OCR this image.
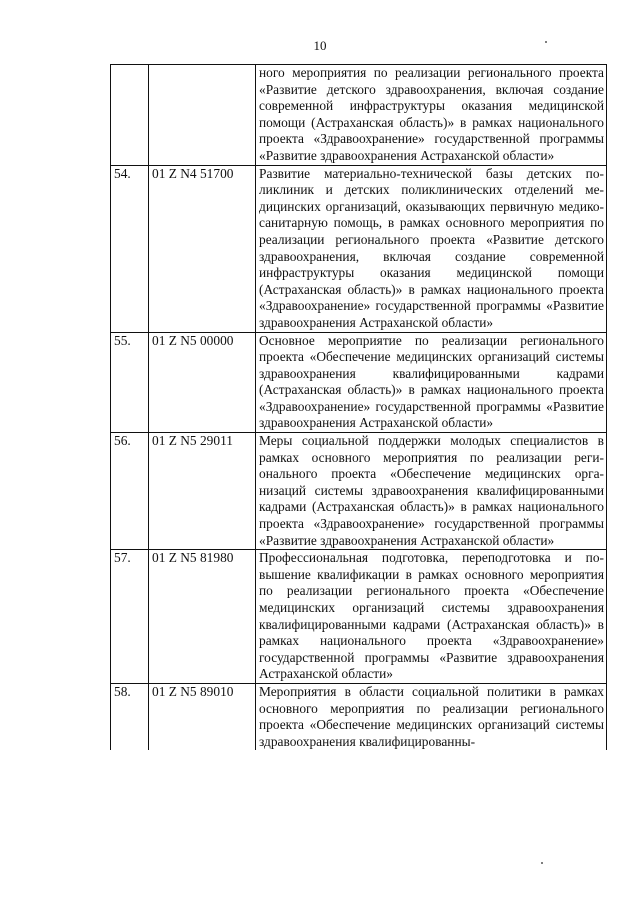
10
		ного мероприятия по реализации регионального проекта «Развитие детского здравоохранения, включая создание современной инфраструктуры оказания медицинской помощи (Астраханская область)» в рамках национального проекта «Здравоохранение» государственной программы «Развитие здравоохранения Астраханской области»
54.	01 Z N4 51700	Развитие материально-технической базы детских поликлиник и детских поликлинических отделений медицинских организаций, оказывающих первичную медико-санитарную помощь, в рамках основного мероприятия по реализации регионального проекта «Развитие детского здравоохранения, включая создание современной инфраструктуры оказания медицинской помощи (Астраханская область)» в рамках национального проекта «Здравоохранение» государственной программы «Развитие здравоохранения Астраханской области»
55.	01 Z N5 00000	Основное мероприятие по реализации регионального проекта «Обеспечение медицинских организаций системы здравоохранения квалифицированными кадрами (Астраханская область)» в рамках национального проекта «Здравоохранение» государственной программы «Развитие здравоохранения Астраханской области»
56.	01 Z N5 29011	Меры социальной поддержки молодых специалистов в рамках основного мероприятия по реализации регионального проекта «Обеспечение медицинских организаций системы здравоохранения квалифицированными кадрами (Астраханская область)» в рамках национального проекта «Здравоохранение» государственной программы «Развитие здравоохранения Астраханской области»
57.	01 Z N5 81980	Профессиональная подготовка, переподготовка и повышение квалификации в рамках основного мероприятия по реализации регионального проекта «Обеспечение медицинских организаций системы здравоохранения квалифицированными кадрами (Астраханская область)» в рамках национального проекта «Здравоохранение» государственной программы «Развитие здравоохранения Астраханской области»
58.	01 Z N5 89010	Мероприятия в области социальной политики в рамках основного мероприятия по реализации регионального проекта «Обеспечение медицинских организаций системы здравоохранения квалифицированны-
